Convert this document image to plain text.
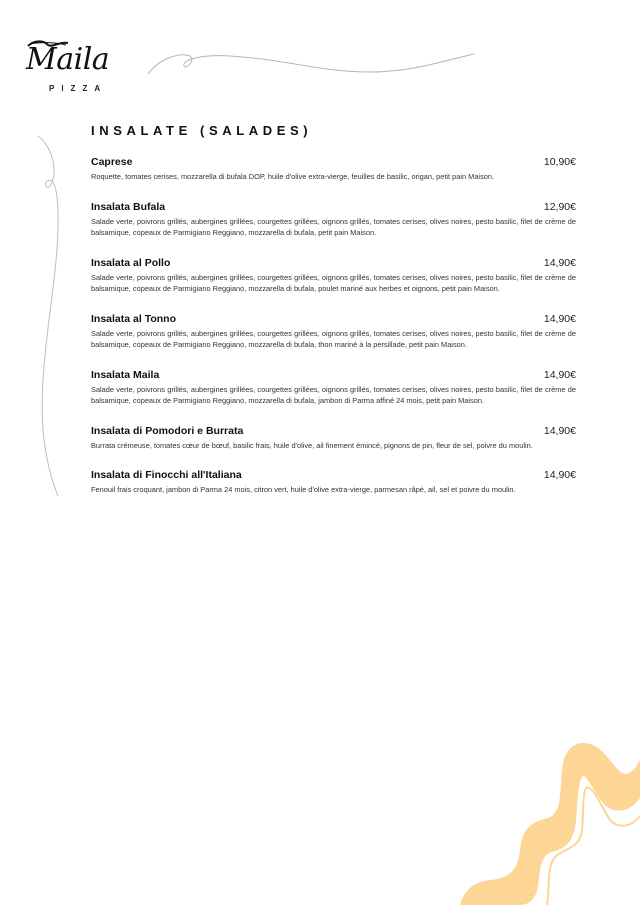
Maila
PIZZA
INSALATE (SALADES)
Caprese	10,90€
Roquette, tomates cerises, mozzarella di bufala DOP, huile d'olive extra-vierge, feuilles de basilic, origan, petit pain Maison.
Insalata Bufala	12,90€
Salade verte, poivrons grillés, aubergines grillées, courgettes grillées, oignons grillés, tomates cerises, olives noires, pesto basilic, filet de crème de balsamique, copeaux de Parmigiano Reggiano, mozzarella di bufala, petit pain Maison.
Insalata al Pollo	14,90€
Salade verte, poivrons grillés, aubergines grillées, courgettes grillées, oignons grillés, tomates cerises, olives noires, pesto basilic, filet de crème de balsamique, copeaux de Parmigiano Reggiano, mozzarella di bufala, poulet mariné aux herbes et oignons, petit pain Maison.
Insalata al Tonno	14,90€
Salade verte, poivrons grillés, aubergines grillées, courgettes grillées, oignons grillés, tomates cerises, olives noires, pesto basilic, filet de crème de balsamique, copeaux de Parmigiano Reggiano, mozzarella di bufala, thon mariné à la persillade, petit pain Maison.
Insalata Maila	14,90€
Salade verte, poivrons grillés, aubergines grillées, courgettes grillées, oignons grillés, tomates cerises, olives noires, pesto basilic, filet de crème de balsamique, copeaux de Parmigiano Reggiano, mozzarella di bufala, jambon di Parma affiné 24 mois, petit pain Maison.
Insalata di Pomodori e Burrata	14,90€
Burrata crémeuse, tomates cœur de bœuf, basilic frais, huile d'olive, ail finement émincé, pignons de pin, fleur de sel, poivre du moulin.
Insalata di Finocchi all'Italiana	14,90€
Fenouil frais croquant, jambon di Parma 24 mois, citron vert, huile d'olive extra-vierge, parmesan râpé, ail, sel et poivre du moulin.
